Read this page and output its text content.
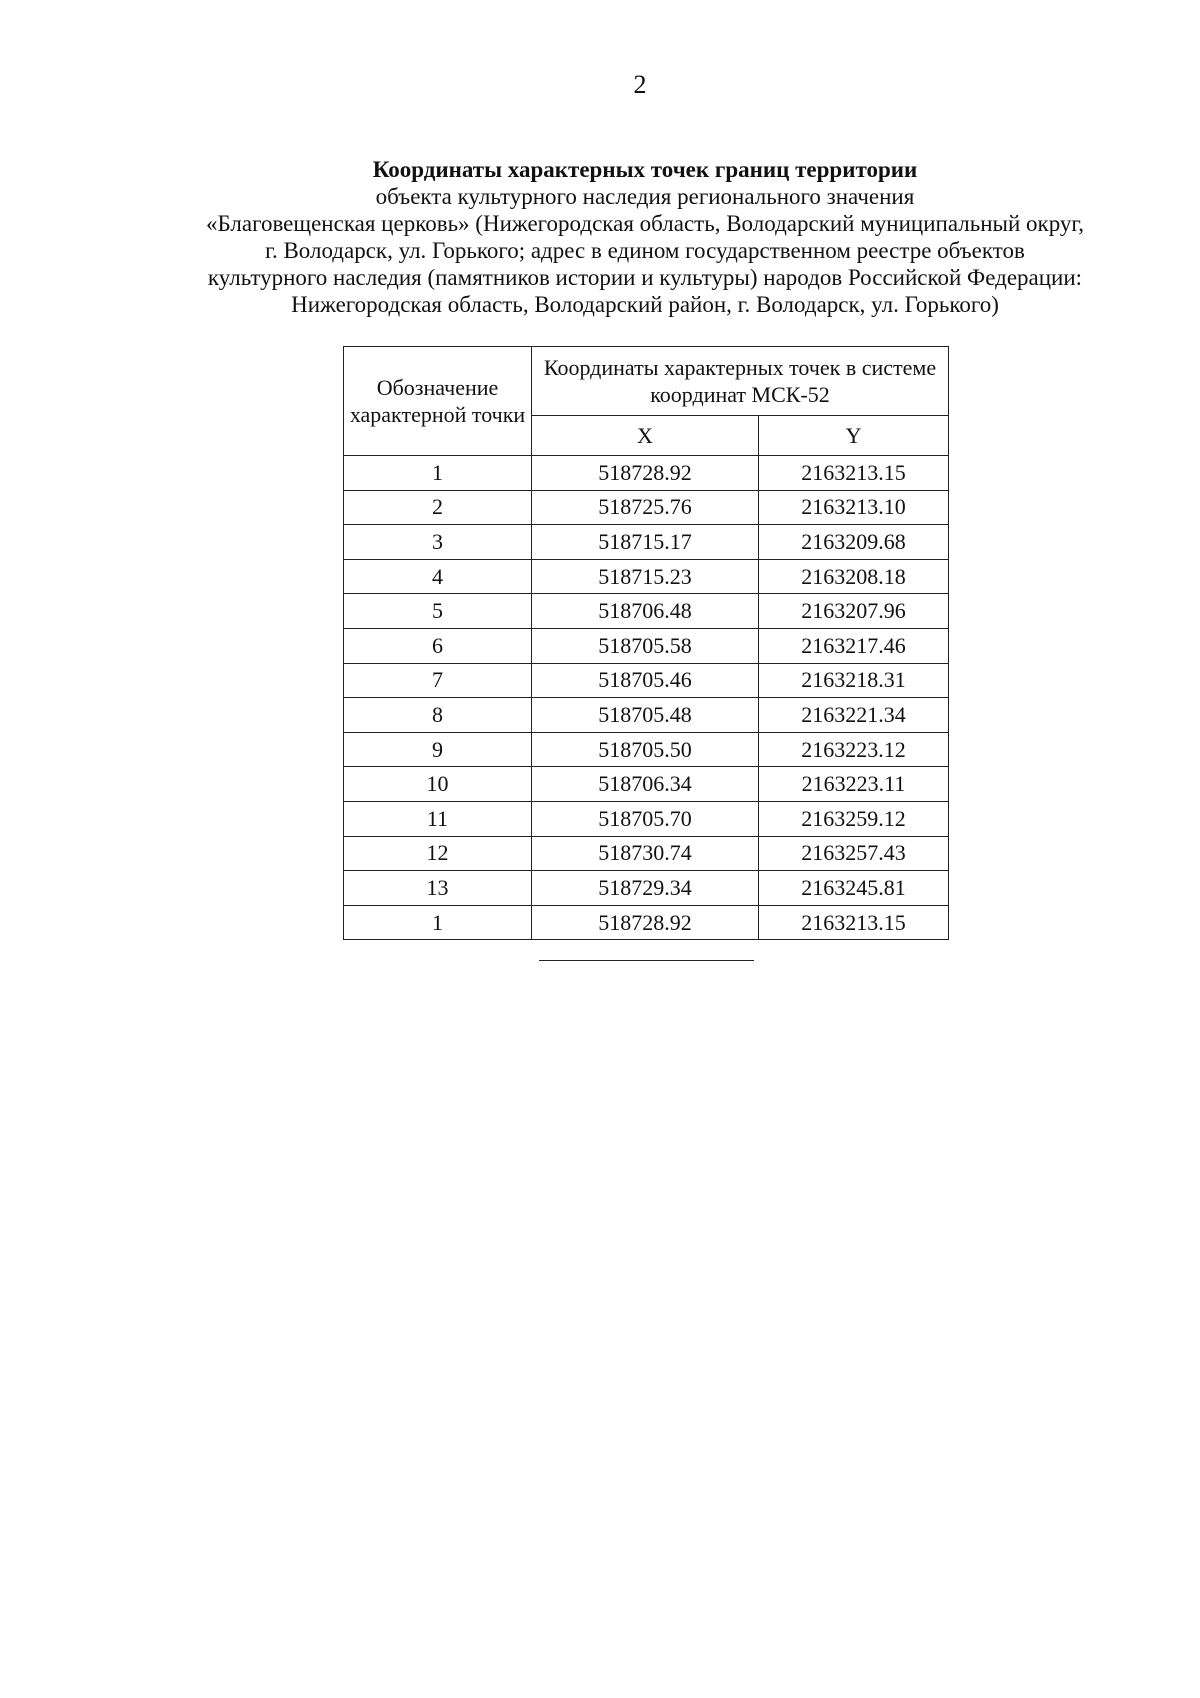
2
Координаты характерных точек границ территории
объекта культурного наследия регионального значения
«Благовещенская церковь» (Нижегородская область, Володарский муниципальный округ,
г. Володарск, ул. Горького; адрес в едином государственном реестре объектов
культурного наследия (памятников истории и культуры) народов Российской Федерации:
Нижегородская область, Володарский район, г. Володарск, ул. Горького)
Обозначение характерной точки	Координаты характерных точек в системе координат МСК-52	
	X	Y
1	518728.92	2163213.15
2	518725.76	2163213.10
3	518715.17	2163209.68
4	518715.23	2163208.18
5	518706.48	2163207.96
6	518705.58	2163217.46
7	518705.46	2163218.31
8	518705.48	2163221.34
9	518705.50	2163223.12
10	518706.34	2163223.11
11	518705.70	2163259.12
12	518730.74	2163257.43
13	518729.34	2163245.81
1	518728.92	2163213.15
